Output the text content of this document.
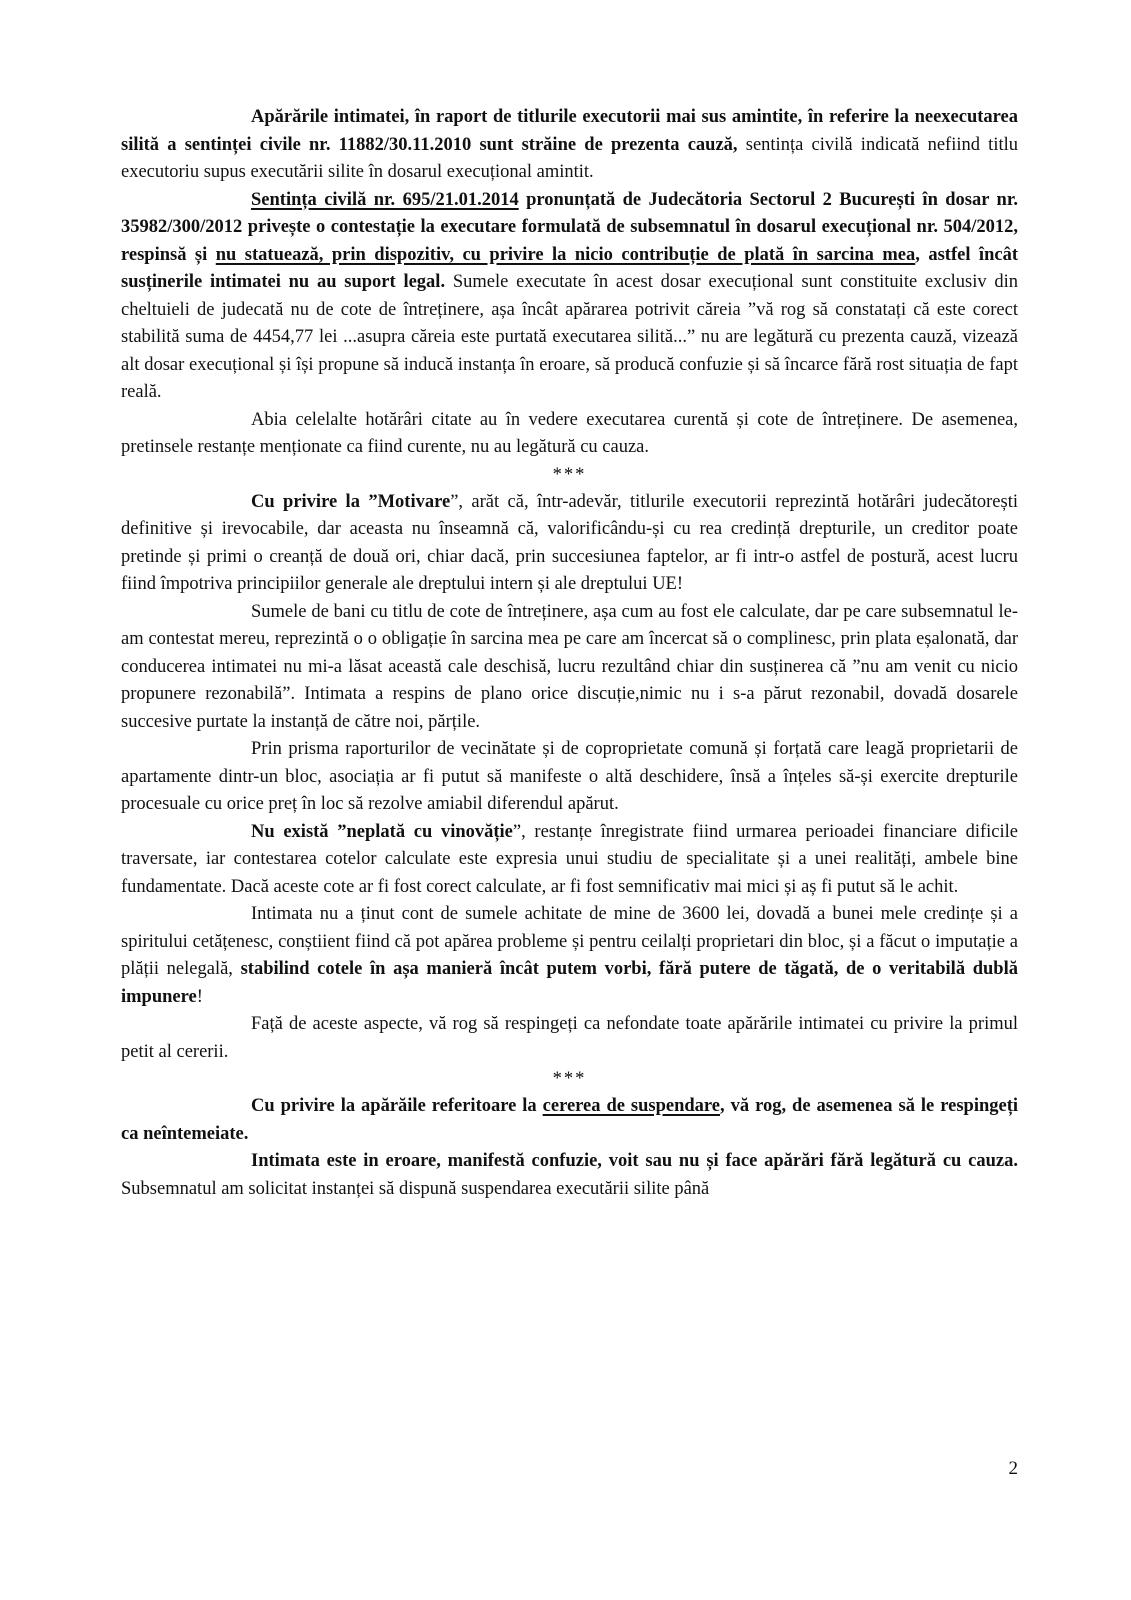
Apărările intimatei, în raport de titlurile executorii mai sus amintite, în referire la neexecutarea silită a sentinței civile nr. 11882/30.11.2010 sunt străine de prezenta cauză, sentința civilă indicată nefiind titlu executoriu supus executării silite în dosarul execuțional amintit.

Sentința civilă nr. 695/21.01.2014 pronunțată de Judecătoria Sectorul 2 București în dosar nr. 35982/300/2012 privește o contestație la executare formulată de subsemnatul în dosarul execuțional nr. 504/2012, respinsă și nu statuează, prin dispozitiv, cu privire la nicio contribuție de plată în sarcina mea, astfel încât susținerile intimatei nu au suport legal. Sumele executate în acest dosar execuțional sunt constituite exclusiv din cheltuieli de judecată nu de cote de întreținere, așa încât apărarea potrivit căreia ”vă rog să constatați că este corect stabilită suma de 4454,77 lei ...asupra căreia este purtată executarea silită...” nu are legătură cu prezenta cauză, vizează alt dosar execuțional și își propune să inducă instanța în eroare, să producă confuzie și să încarce fără rost situația de fapt reală.

Abia celelalte hotărâri citate au în vedere executarea curentă și cote de întreținere. De asemenea, pretinsele restanțe menționate ca fiind curente, nu au legătură cu cauza.

***

Cu privire la ”Motivare”, arăt că, într-adevăr, titlurile executorii reprezintă hotărâri judecătorești definitive și irevocabile, dar aceasta nu înseamnă că, valorificându-și cu rea credință drepturile, un creditor poate pretinde și primi o creanță de două ori, chiar dacă, prin succesiunea faptelor, ar fi intr-o astfel de postură, acest lucru fiind împotriva principiilor generale ale dreptului intern și ale dreptului UE!

Sumele de bani cu titlu de cote de întreținere, așa cum au fost ele calculate, dar pe care subsemnatul le-am contestat mereu, reprezintă o o obligație în sarcina mea pe care am încercat să o complinesc, prin plata eșalonată, dar conducerea intimatei nu mi-a lăsat această cale deschisă, lucru rezultând chiar din susținerea că ”nu am venit cu nicio propunere rezonabilă”. Intimata a respins de plano orice discuție,nimic nu i s-a părut rezonabil, dovadă dosarele succesive purtate la instanță de către noi, părțile.

Prin prisma raporturilor de vecinătate și de coproprietate comună și forțată care leagă proprietarii de apartamente dintr-un bloc, asociația ar fi putut să manifeste o altă deschidere, însă a înțeles să-și exercite drepturile procesuale cu orice preț în loc să rezolve amiabil diferendul apărut.

Nu există ”neplată cu vinovăție”, restanțe înregistrate fiind urmarea perioadei financiare dificile traversate, iar contestarea cotelor calculate este expresia unui studiu de specialitate și a unei realități, ambele bine fundamentate. Dacă aceste cote ar fi fost corect calculate, ar fi fost semnificativ mai mici și aș fi putut să le achit.

Intimata nu a ținut cont de sumele achitate de mine de 3600 lei, dovadă a bunei mele credințe și a spiritului cetățenesc, conștiient fiind că pot apărea probleme și pentru ceilalți proprietari din bloc, și a făcut o imputație a plății nelegală, stabilind cotele în așa manieră încât putem vorbi, fără putere de tăgată, de o veritabilă dublă impunere!

Față de aceste aspecte, vă rog să respingeți ca nefondate toate apărările intimatei cu privire la primul petit al cererii.

***

Cu privire la apărăile referitoare la cererea de suspendare, vă rog, de asemenea să le respingeți ca neîntemeiate.

Intimata este in eroare, manifestă confuzie, voit sau nu și face apărări fără legătură cu cauza. Subsemnatul am solicitat instanței să dispună suspendarea executării silite până

2
